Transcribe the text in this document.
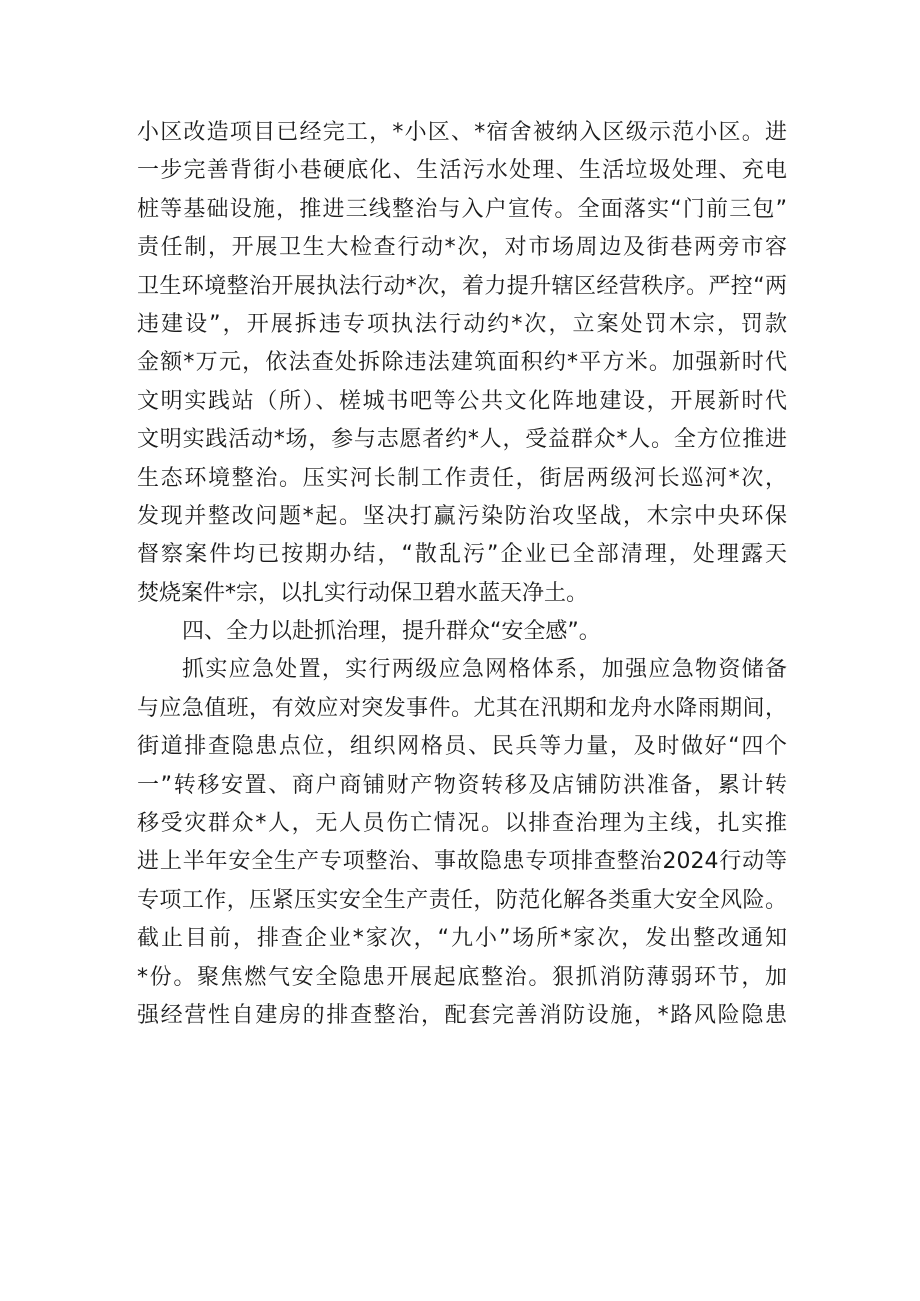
小区改造项目已经完工，*小区、*宿舍被纳入区级示范小区。进
一步完善背街小巷硬底化、生活污水处理、生活垃圾处理、充电
桩等基础设施，推进三线整治与入户宣传。全面落实“门前三包”
责任制，开展卫生大检查行动*次，对市场周边及街巷两旁市容
卫生环境整治开展执法行动*次，着力提升辖区经营秩序。严控“两
违建设”，开展拆违专项执法行动约*次，立案处罚木宗，罚款
金额*万元，依法查处拆除违法建筑面积约*平方米。加强新时代
文明实践站（所）、槎城书吧等公共文化阵地建设，开展新时代
文明实践活动*场，参与志愿者约*人，受益群众*人。全方位推进
生态环境整治。压实河长制工作责任，街居两级河长巡河*次，
发现并整改问题*起。坚决打赢污染防治攻坚战，木宗中央环保
督察案件均已按期办结，“散乱污”企业已全部清理，处理露天
焚烧案件*宗，以扎实行动保卫碧水蓝天净土。
四、全力以赴抓治理，提升群众“安全感”。
抓实应急处置，实行两级应急网格体系，加强应急物资储备
与应急值班，有效应对突发事件。尤其在汛期和龙舟水降雨期间，
街道排查隐患点位，组织网格员、民兵等力量，及时做好“四个
一”转移安置、商户商铺财产物资转移及店铺防洪准备，累计转
移受灾群众*人，无人员伤亡情况。以排查治理为主线，扎实推
进上半年安全生产专项整治、事故隐患专项排查整治2024行动等
专项工作，压紧压实安全生产责任，防范化解各类重大安全风险。
截止目前，排查企业*家次，“九小”场所*家次，发出整改通知
*份。聚焦燃气安全隐患开展起底整治。狠抓消防薄弱环节，加
强经营性自建房的排查整治，配套完善消防设施，*路风险隐患
